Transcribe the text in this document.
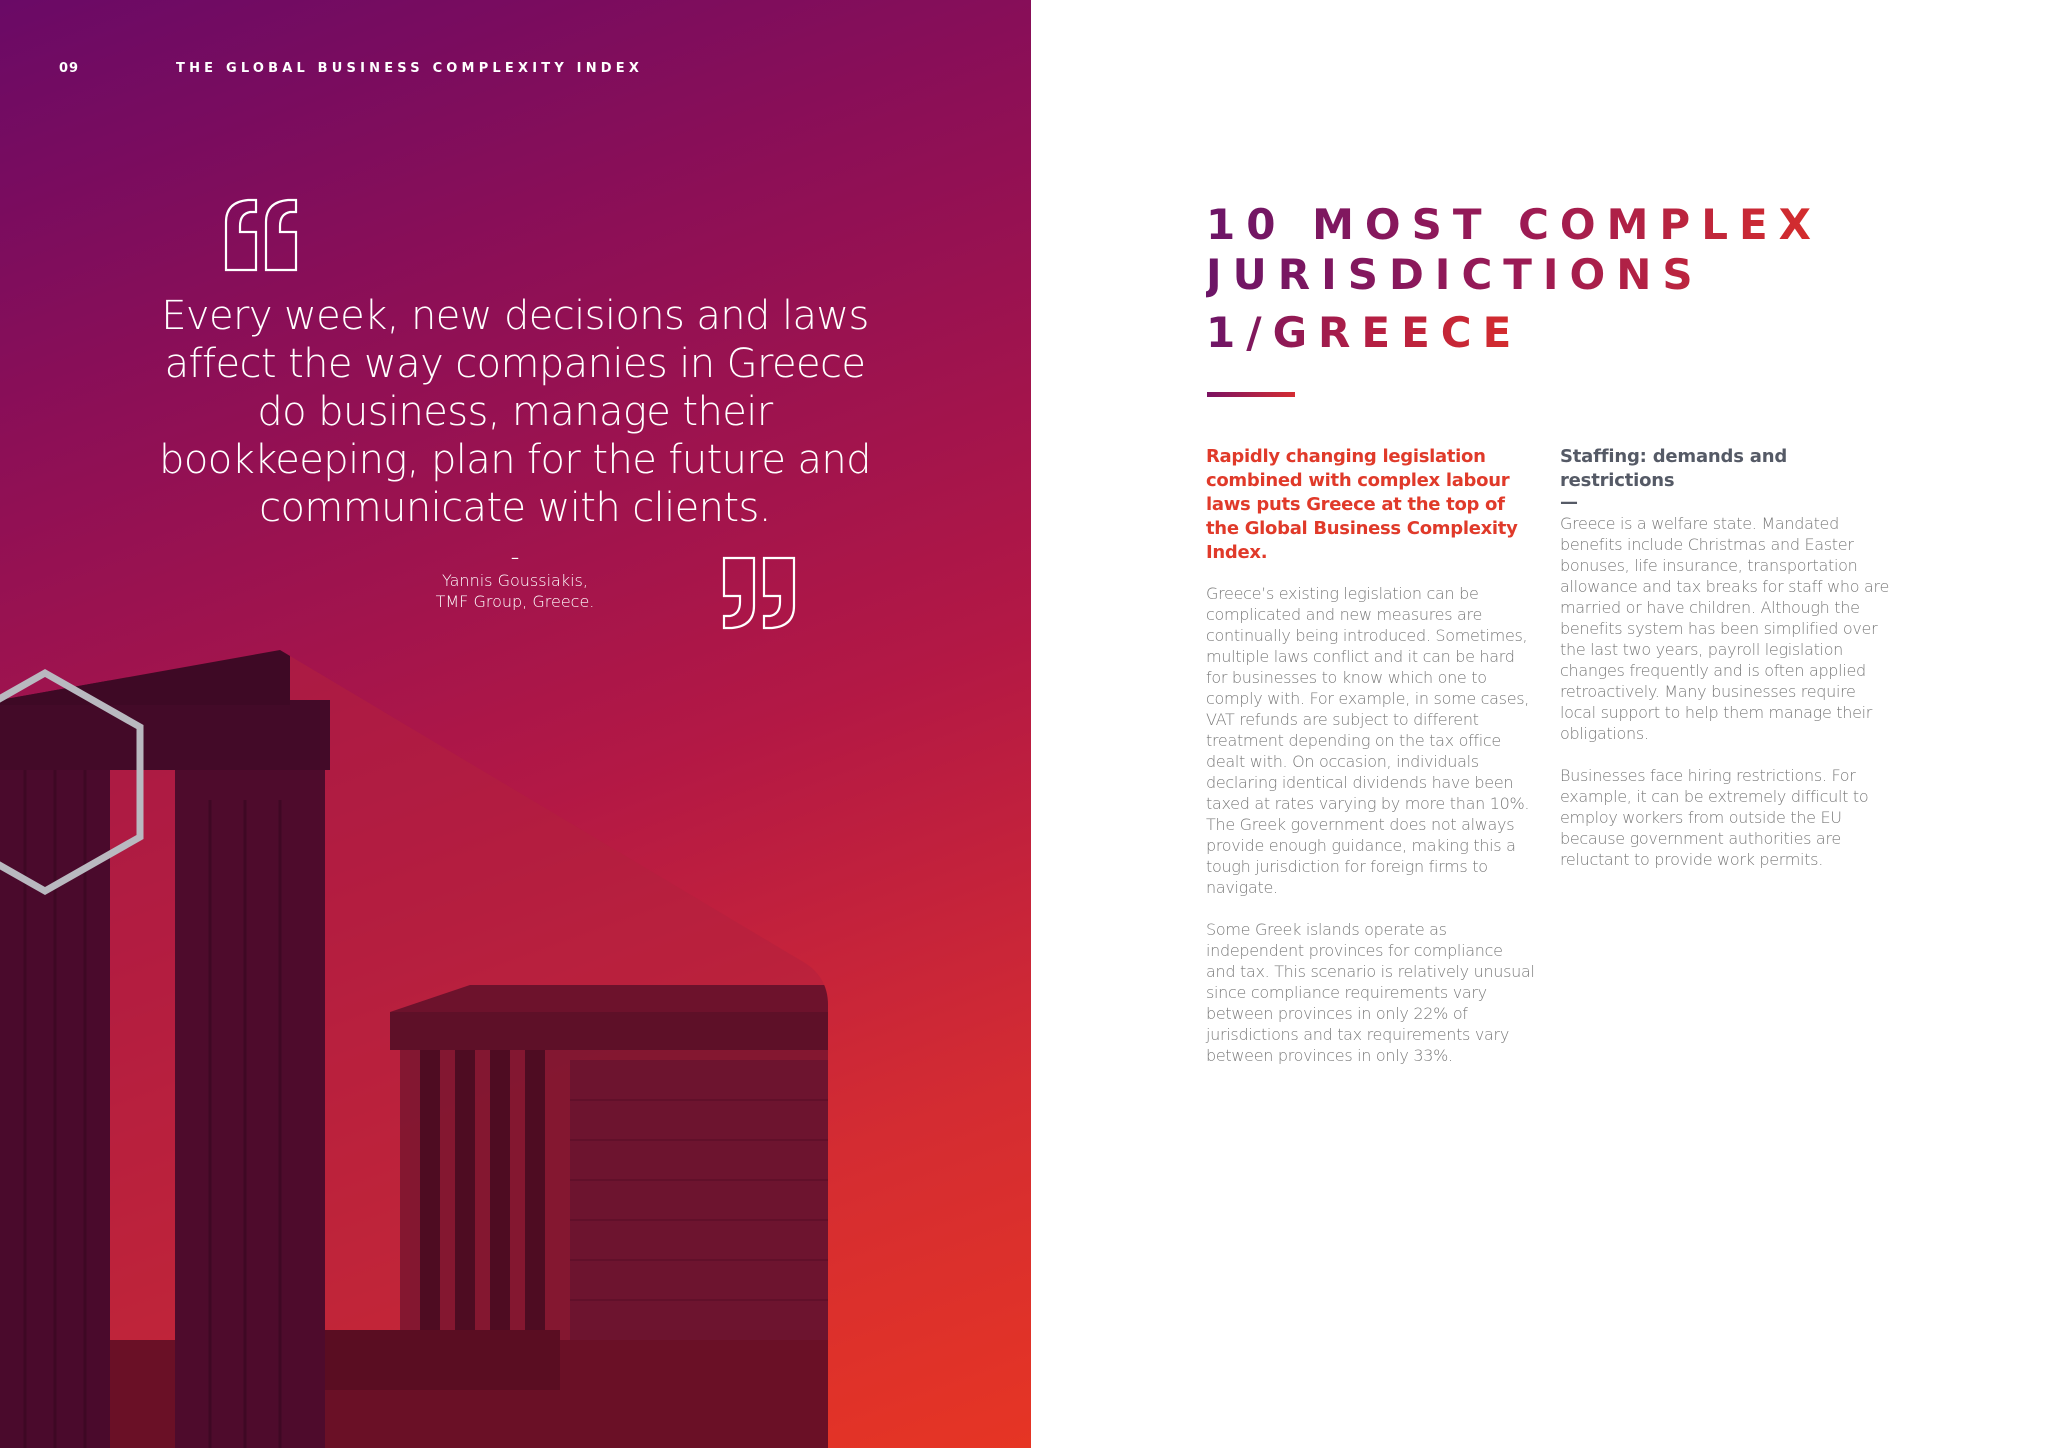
09	THE GLOBAL BUSINESS COMPLEXITY INDEX
Every week, new decisions and laws affect the way companies in Greece do business, manage their bookkeeping, plan for the future and communicate with clients.
–
Yannis Goussiakis,
TMF Group, Greece.
10 MOST COMPLEX
JURISDICTIONS
1/GREECE
Rapidly changing legislation combined with complex labour laws puts Greece at the top of the Global Business Complexity Index.
Greece’s existing legislation can be complicated and new measures are continually being introduced. Sometimes, multiple laws conflict and it can be hard for businesses to know which one to comply with. For example, in some cases, VAT refunds are subject to different treatment depending on the tax office dealt with. On occasion, individuals declaring identical dividends have been taxed at rates varying by more than 10%. The Greek government does not always provide enough guidance, making this a tough jurisdiction for foreign firms to navigate.
Some Greek islands operate as independent provinces for compliance and tax. This scenario is relatively unusual since compliance requirements vary between provinces in only 22% of jurisdictions and tax requirements vary between provinces in only 33%.
Staffing: demands and restrictions
—
Greece is a welfare state. Mandated benefits include Christmas and Easter bonuses, life insurance, transportation allowance and tax breaks for staff who are married or have children. Although the benefits system has been simplified over the last two years, payroll legislation changes frequently and is often applied retroactively. Many businesses require local support to help them manage their obligations.
Businesses face hiring restrictions. For example, it can be extremely difficult to employ workers from outside the EU because government authorities are reluctant to provide work permits.
